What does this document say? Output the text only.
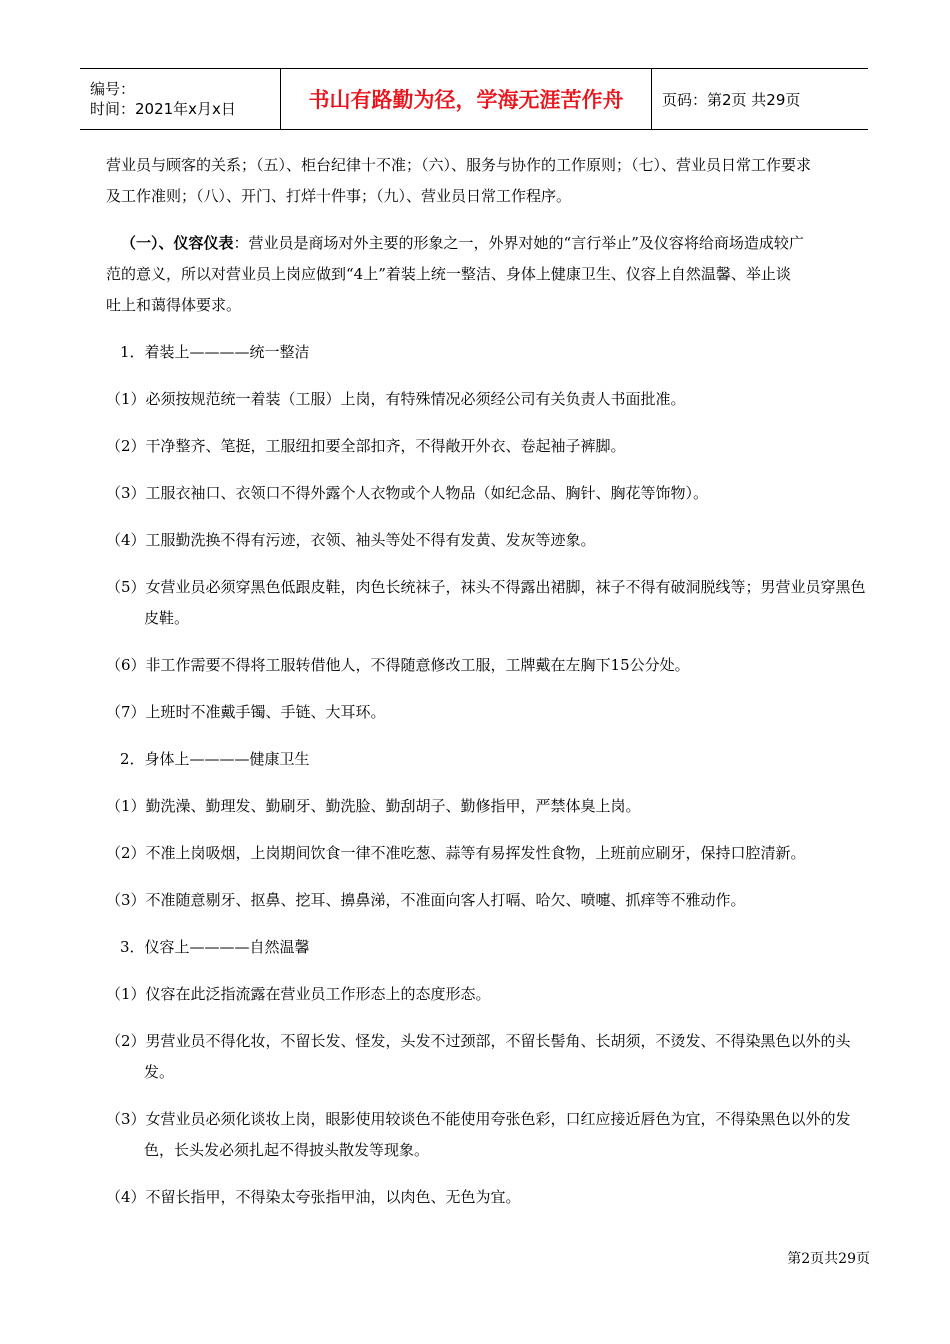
编号：
时间：2021年x月x日	书山有路勤为径，学海无涯苦作舟	页码：第2页 共29页

营业员与顾客的关系；（五）、柜台纪律十不准；（六）、服务与协作的工作原则；（七）、营业员日常工作要求

及工作准则；（八）、开门、打烊十件事；（九）、营业员日常工作程序。

（一）、仪容仪表：营业员是商场对外主要的形象之一，外界对她的“言行举止”及仪容将给商场造成较广

范的意义，所以对营业员上岗应做到“4上”着装上统一整洁、身体上健康卫生、仪容上自然温馨、举止谈

吐上和蔼得体要求。

1．着装上————统一整洁

（1）必须按规范统一着装（工服）上岗，有特殊情况必须经公司有关负责人书面批准。

（2）干净整齐、笔挺，工服纽扣要全部扣齐，不得敞开外衣、卷起袖子裤脚。

（3）工服衣袖口、衣领口不得外露个人衣物或个人物品（如纪念品、胸针、胸花等饰物）。

（4）工服勤洗换不得有污迹，衣领、袖头等处不得有发黄、发灰等迹象。

（5）女营业员必须穿黑色低跟皮鞋，肉色长统袜子，袜头不得露出裙脚，袜子不得有破洞脱线等；男营业员穿黑色皮鞋。

（6）非工作需要不得将工服转借他人，不得随意修改工服，工牌戴在左胸下15公分处。

（7）上班时不准戴手镯、手链、大耳环。

2．身体上————健康卫生

（1）勤洗澡、勤理发、勤刷牙、勤洗脸、勤刮胡子、勤修指甲，严禁体臭上岗。

（2）不准上岗吸烟，上岗期间饮食一律不准吃葱、蒜等有易挥发性食物，上班前应刷牙，保持口腔清新。

（3）不准随意剔牙、抠鼻、挖耳、擤鼻涕，不准面向客人打嗝、哈欠、喷嚏、抓痒等不雅动作。

3．仪容上————自然温馨

（1）仪容在此泛指流露在营业员工作形态上的态度形态。

（2）男营业员不得化妆，不留长发、怪发，头发不过颈部，不留长髻角、长胡须，不烫发、不得染黑色以外的头发。

（3）女营业员必须化谈妆上岗，眼影使用较谈色不能使用夸张色彩，口红应接近唇色为宜，不得染黑色以外的发色，长头发必须扎起不得披头散发等现象。

（4）不留长指甲，不得染太夸张指甲油，以肉色、无色为宜。

第2页共29页
